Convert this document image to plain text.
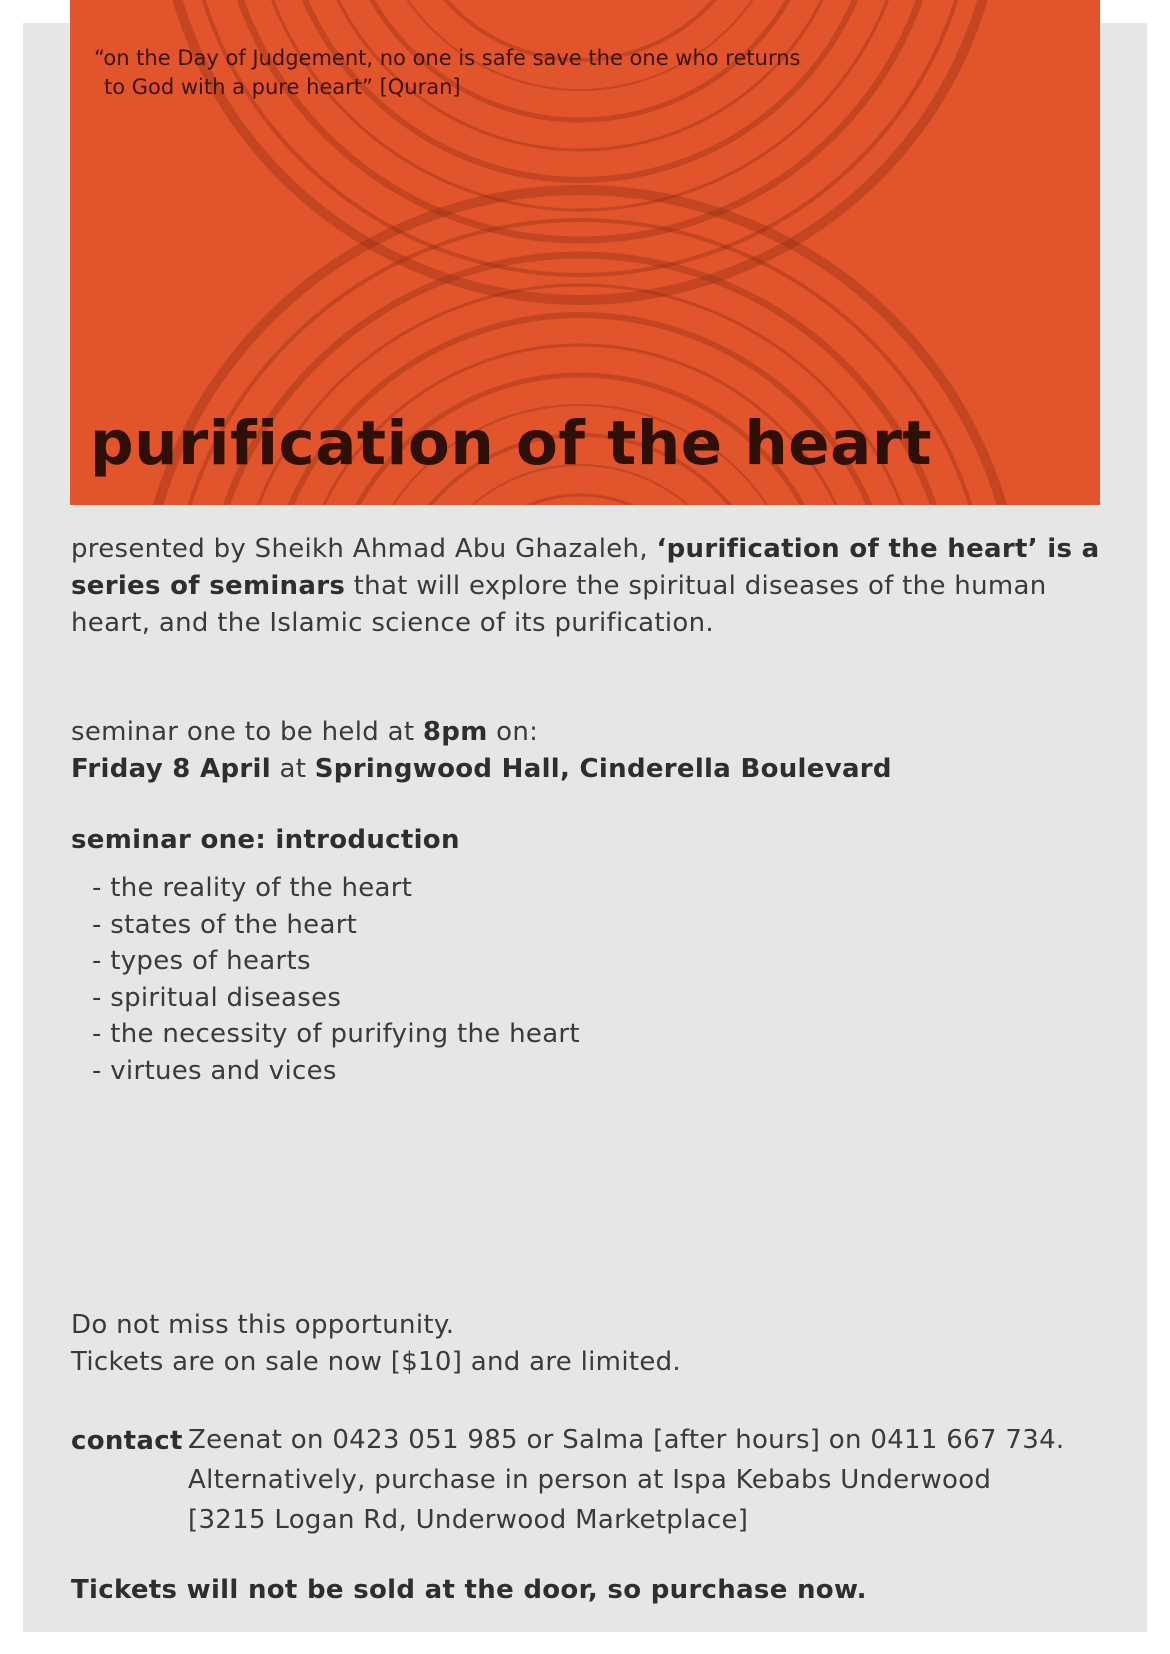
“on the Day of Judgement, no one is safe save the one who returns
to God with a pure heart” [Quran]

purification of the heart

presented by Sheikh Ahmad Abu Ghazaleh, ‘purification of the heart’ is a
series of seminars that will explore the spiritual diseases of the human
heart, and the Islamic science of its purification.

seminar one to be held at 8pm on:
Friday 8 April at Springwood Hall, Cinderella Boulevard

seminar one: introduction

- the reality of the heart
- states of the heart
- types of hearts
- spiritual diseases
- the necessity of purifying the heart
- virtues and vices

Do not miss this opportunity.
Tickets are on sale now [$10] and are limited.

contact Zeenat on 0423 051 985 or Salma [after hours] on 0411 667 734.
Alternatively, purchase in person at Ispa Kebabs Underwood
[3215 Logan Rd, Underwood Marketplace]

Tickets will not be sold at the door, so purchase now.
